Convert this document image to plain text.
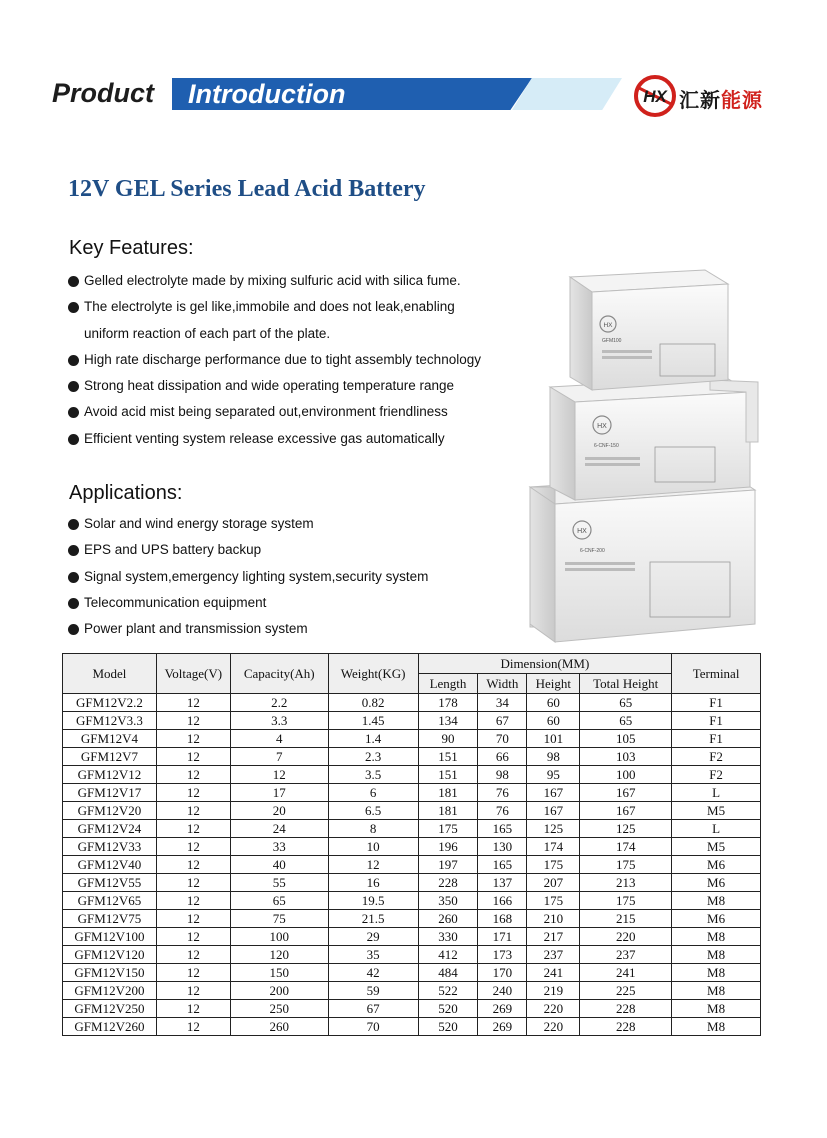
Product Introduction	HX 汇新能源
12V GEL Series Lead Acid Battery
Key Features:
Gelled electrolyte made by mixing sulfuric acid with silica fume.
The electrolyte is gel like,immobile and does not leak,enabling
uniform reaction of each part of the plate.
High rate discharge performance due to tight assembly technology
Strong heat dissipation and wide operating temperature range
Avoid acid mist being separated out,environment friendliness
Efficient venting system release excessive gas automatically
Applications:
Solar and wind energy storage system
EPS and UPS battery backup
Signal system,emergency lighting system,security system
Telecommunication equipment
Power plant and transmission system
HX
6-CNF-200
HX
6-CNF-150
HX
GFM100
Model	Voltage(V)	Capacity(Ah)	Weight(KG)	Dimension(MM)				Terminal
				Length	Width	Height	Total Height	
GFM12V2.2	12	2.2	0.82	178	34	60	65	F1
GFM12V3.3	12	3.3	1.45	134	67	60	65	F1
GFM12V4	12	4	1.4	90	70	101	105	F1
GFM12V7	12	7	2.3	151	66	98	103	F2
GFM12V12	12	12	3.5	151	98	95	100	F2
GFM12V17	12	17	6	181	76	167	167	L
GFM12V20	12	20	6.5	181	76	167	167	M5
GFM12V24	12	24	8	175	165	125	125	L
GFM12V33	12	33	10	196	130	174	174	M5
GFM12V40	12	40	12	197	165	175	175	M6
GFM12V55	12	55	16	228	137	207	213	M6
GFM12V65	12	65	19.5	350	166	175	175	M8
GFM12V75	12	75	21.5	260	168	210	215	M6
GFM12V100	12	100	29	330	171	217	220	M8
GFM12V120	12	120	35	412	173	237	237	M8
GFM12V150	12	150	42	484	170	241	241	M8
GFM12V200	12	200	59	522	240	219	225	M8
GFM12V250	12	250	67	520	269	220	228	M8
GFM12V260	12	260	70	520	269	220	228	M8
